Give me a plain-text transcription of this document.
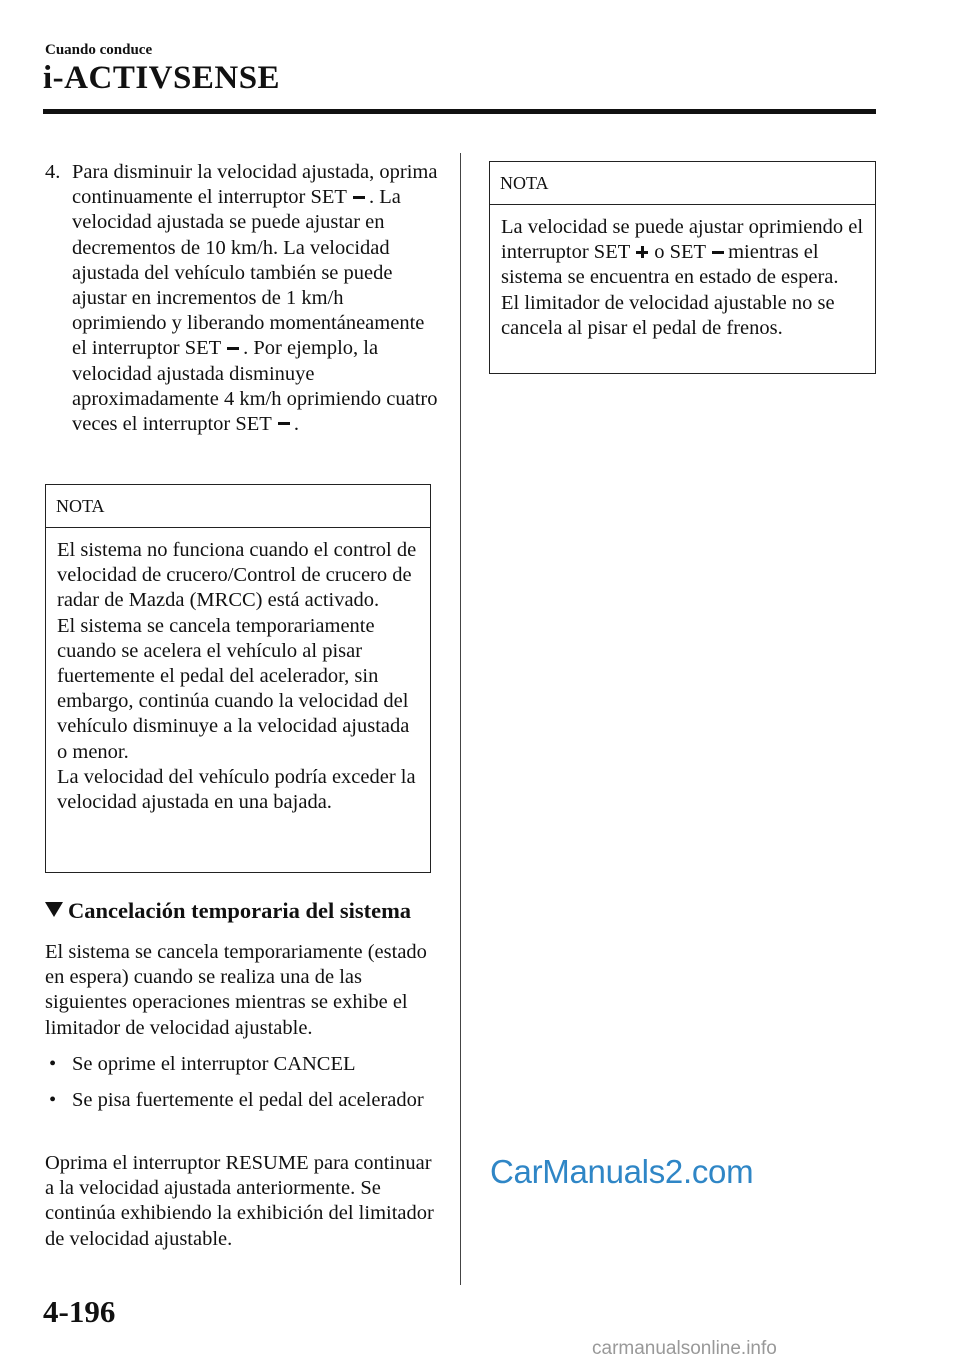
Cuando conduce
i-ACTIVSENSE
4. Para disminuir la velocidad ajustada, oprima continuamente el interruptor SET . La velocidad ajustada se puede ajustar en decrementos de 10 km/h. La velocidad ajustada del vehículo también se puede ajustar en incrementos de 1 km/h oprimiendo y liberando momentáneamente el interruptor SET . Por ejemplo, la velocidad ajustada disminuye aproximadamente 4 km/h oprimiendo cuatro veces el interruptor SET .
NOTA
El sistema no funciona cuando el control de velocidad de crucero/Control de crucero de radar de Mazda (MRCC) está activado.
El sistema se cancela temporariamente cuando se acelera el vehículo al pisar fuertemente el pedal del acelerador, sin embargo, continúa cuando la velocidad del vehículo disminuye a la velocidad ajustada o menor.
La velocidad del vehículo podría exceder la velocidad ajustada en una bajada.
Cancelación temporaria del sistema
El sistema se cancela temporariamente (estado en espera) cuando se realiza una de las siguientes operaciones mientras se exhibe el limitador de velocidad ajustable.
• Se oprime el interruptor CANCEL
• Se pisa fuertemente el pedal del acelerador
Oprima el interruptor RESUME para continuar a la velocidad ajustada anteriormente. Se continúa exhibiendo la exhibición del limitador de velocidad ajustable.
NOTA
La velocidad se puede ajustar oprimiendo el interruptor SET o SET mientras el sistema se encuentra en estado de espera.
El limitador de velocidad ajustable no se cancela al pisar el pedal de frenos.
CarManuals2.com
4-196
carmanualsonline.info
